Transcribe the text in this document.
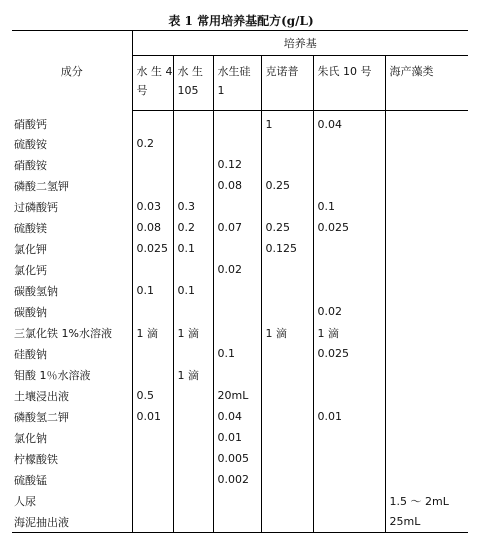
表 1 常用培养基配方(g/L)
成分	培养基					
	水 生 4 号	水 生 105	水生硅 1	克诺普	朱氏 10 号	海产藻类
硝酸钙				1	0.04	
硫酸铵	0.2					
硝酸铵			0.12			
磷酸二氢钾			0.08	0.25		
过磷酸钙	0.03	0.3			0.1	
硫酸镁	0.08	0.2	0.07	0.25	0.025	
氯化钾	0.025	0.1		0.125		
氯化钙			0.02			
碳酸氢钠	0.1	0.1				
碳酸钠					0.02	
三氯化铁 1%水溶液	1 滴	1 滴		1 滴	1 滴	
硅酸钠			0.1		0.025	
钼酸 1％水溶液		1 滴				
土壤浸出液	0.5		20mL			
磷酸氢二钾	0.01		0.04		0.01	
氯化钠			0.01			
柠檬酸铁			0.005			
硫酸锰			0.002			
人尿						1.5 ～ 2mL
海泥抽出液						25mL
